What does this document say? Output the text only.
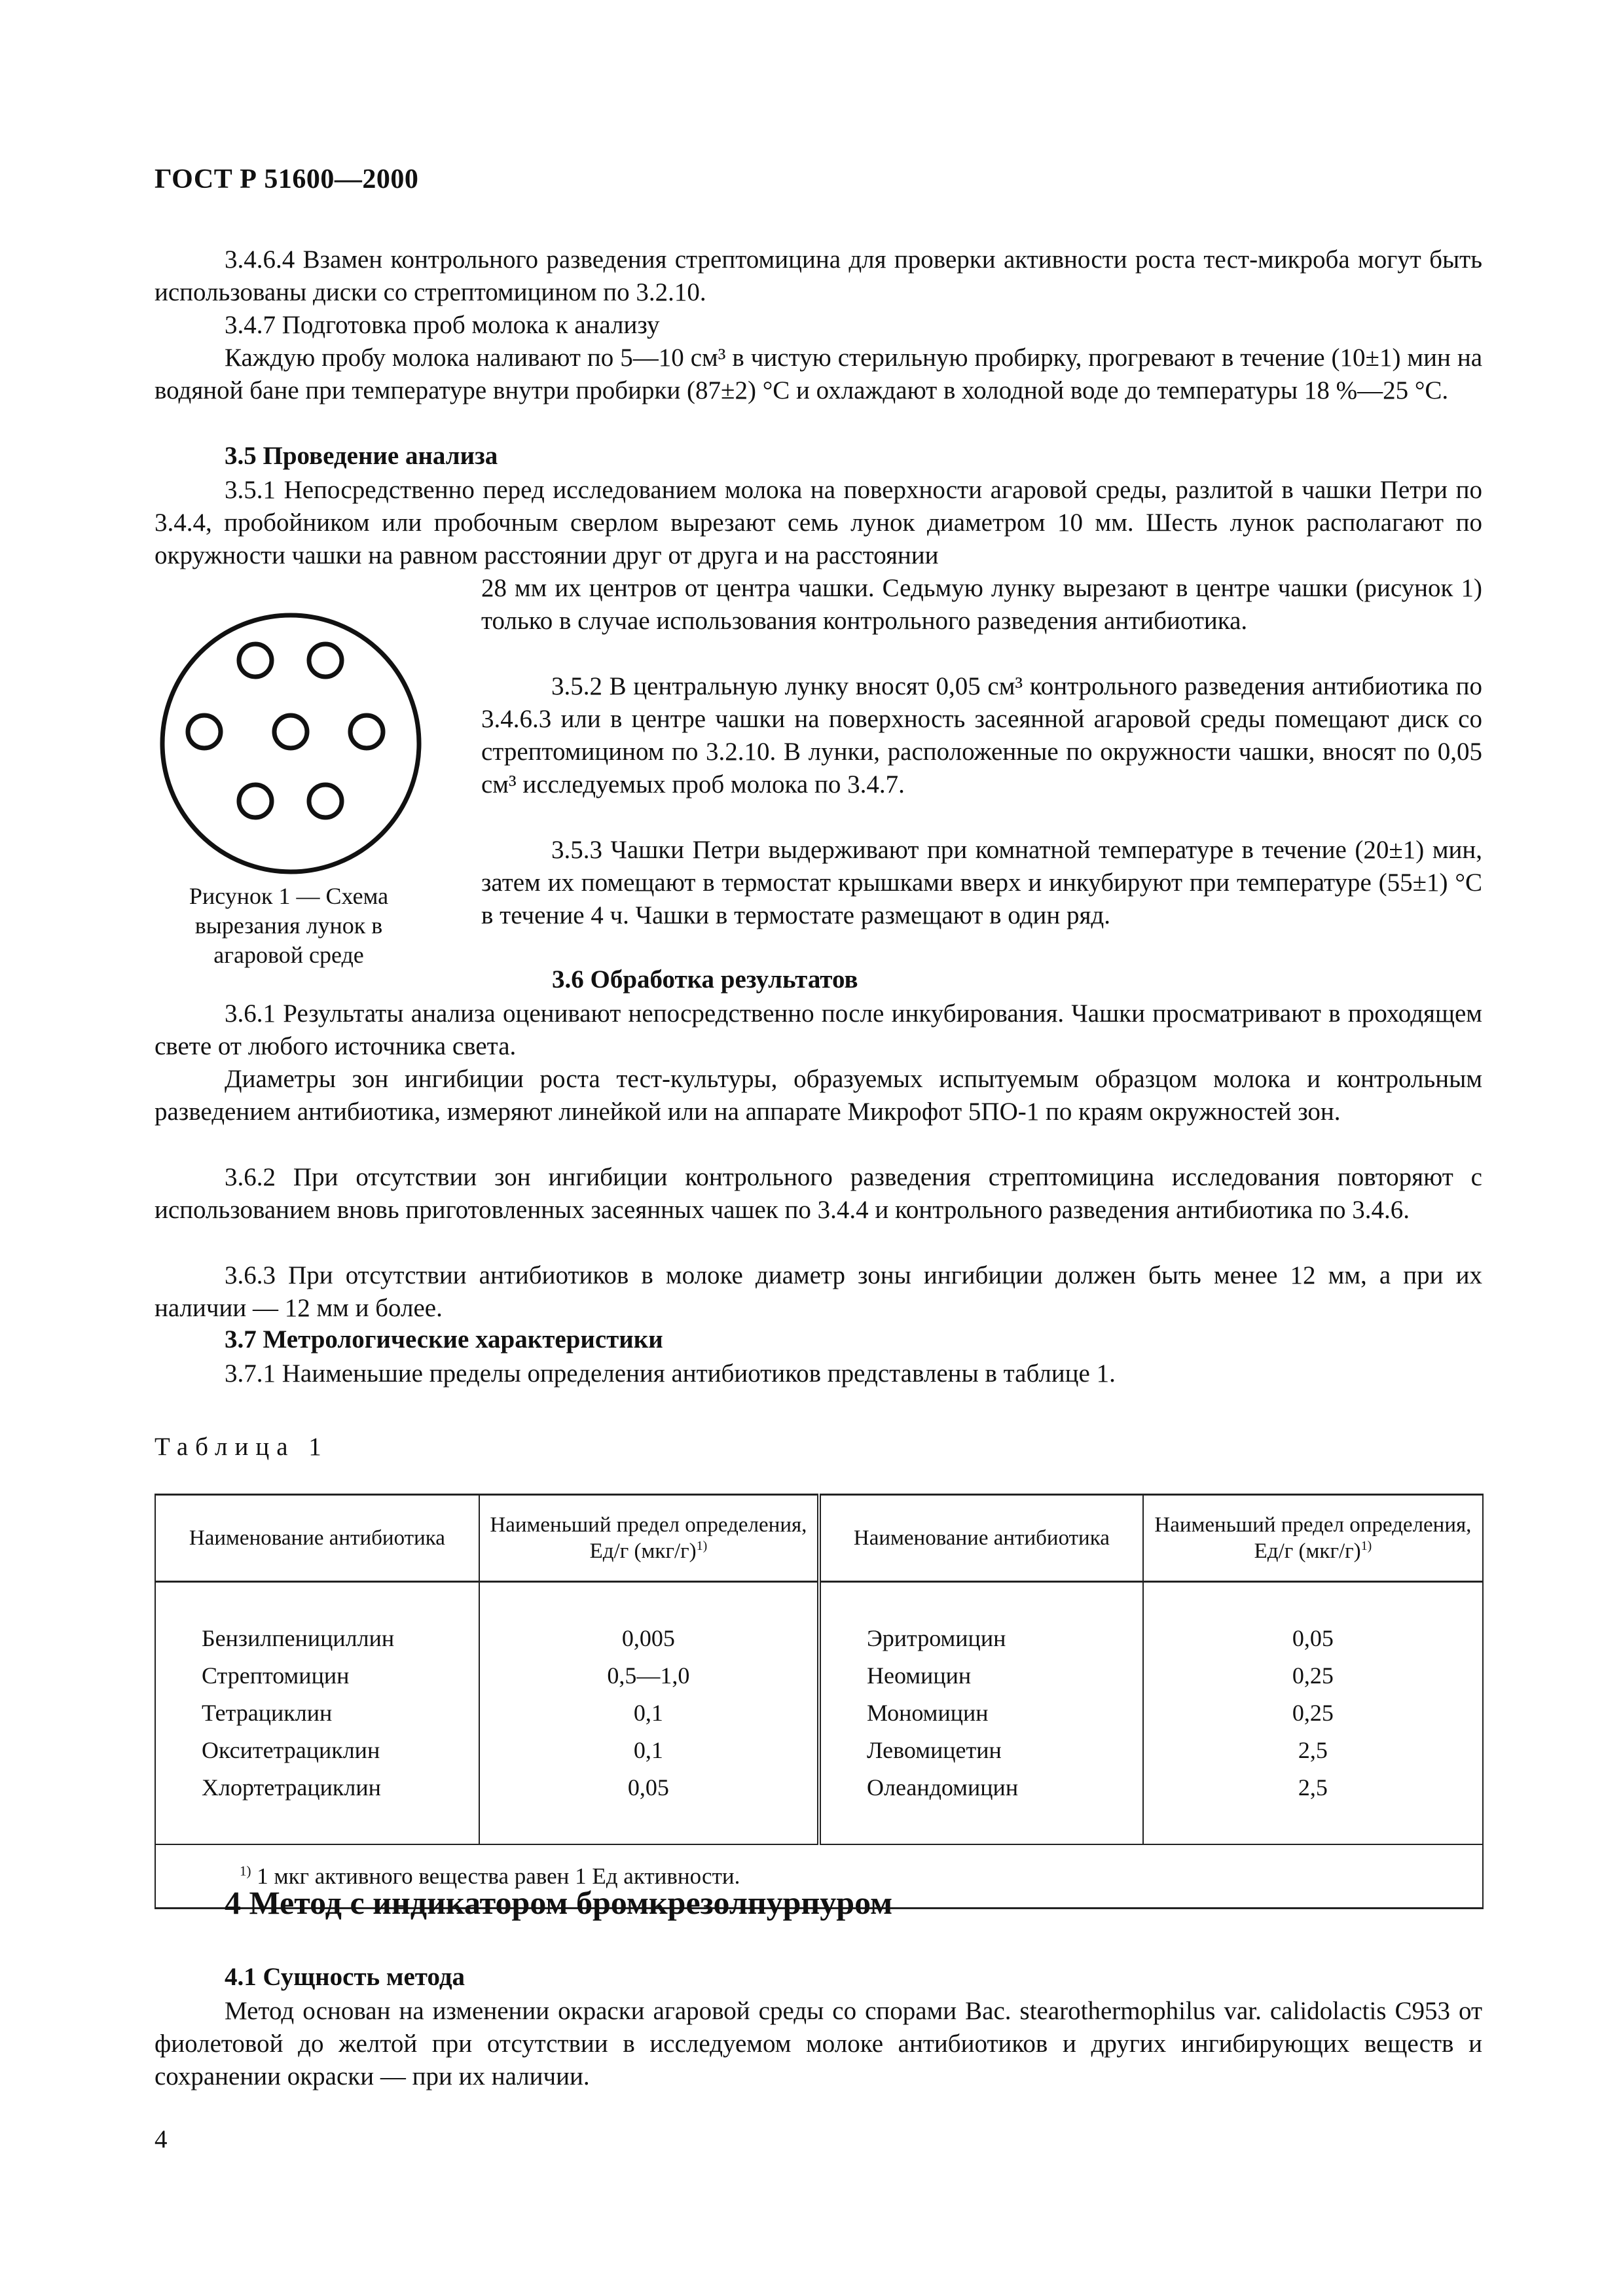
ГОСТ Р 51600—2000
3.4.6.4 Взамен контрольного разведения стрептомицина для проверки активности роста тест-микроба могут быть использованы диски со стрептомицином по 3.2.10.
3.4.7 Подготовка проб молока к анализу
Каждую пробу молока наливают по 5—10 см³ в чистую стерильную пробирку, прогревают в течение (10±1) мин на водяной бане при температуре внутри пробирки (87±2) °С и охлаждают в холодной воде до температуры 18 %—25 °С.
3.5 Проведение анализа
3.5.1 Непосредственно перед исследованием молока на поверхности агаровой среды, разлитой в чашки Петри по 3.4.4, пробойником или пробочным сверлом вырезают семь лунок диаметром 10 мм. Шесть лунок располагают по окружности чашки на равном расстоянии друг от друга и на расстоянии
Рисунок 1 — Схема
вырезания лунок в
агаровой среде
28 мм их центров от центра чашки. Седьмую лунку вырезают в центре чашки (рисунок 1) только в случае использования контрольного разведения антибиотика.
3.5.2 В центральную лунку вносят 0,05 см³ контрольного разведения антибиотика по 3.4.6.3 или в центре чашки на поверхность засеянной агаровой среды помещают диск со стрептомицином по 3.2.10. В лунки, расположенные по окружности чашки, вносят по 0,05 см³ исследуемых проб молока по 3.4.7.
3.5.3 Чашки Петри выдерживают при комнатной температуре в течение (20±1) мин, затем их помещают в термостат крышками вверх и инкубируют при температуре (55±1) °С в течение 4 ч. Чашки в термостате размещают в один ряд.
3.6 Обработка результатов
3.6.1 Результаты анализа оценивают непосредственно после инкубирования. Чашки просматривают в проходящем свете от любого источника света.
Диаметры зон ингибиции роста тест-культуры, образуемых испытуемым образцом молока и контрольным разведением антибиотика, измеряют линейкой или на аппарате Микрофот 5ПО-1 по краям окружностей зон.
3.6.2 При отсутствии зон ингибиции контрольного разведения стрептомицина исследования повторяют с использованием вновь приготовленных засеянных чашек по 3.4.4 и контрольного разведения антибиотика по 3.4.6.
3.6.3 При отсутствии антибиотиков в молоке диаметр зоны ингибиции должен быть менее 12 мм, а при их наличии — 12 мм и более.
3.7 Метрологические характеристики
3.7.1 Наименьшие пределы определения антибиотиков представлены в таблице 1.
Таблица 1
Наименование антибиотика	Наименьший предел определения, Ед/г $(мкг/г)^{1)}$	Наименование антибиотика	Наименьший предел определения, Ед/г $(мкг/г)^{1)}$

Бензилпенициллин	0,005	Эритромицин	0,05
Стрептомицин	0,5—1,0	Неомицин	0,25
Тетрациклин	0,1	Мономицин	0,25
Окситетрациклин	0,1	Левомицетин	2,5
Хлортетрациклин	0,05	Олеандомицин	2,5

$^{1)}$ 1 мкг активного вещества равен 1 Ед активности.			
4 Метод с индикатором бромкрезолпурпуром
4.1 Сущность метода
Метод основан на изменении окраски агаровой среды со спорами Bac. stearothermophilus var. calidolactis C953 от фиолетовой до желтой при отсутствии в исследуемом молоке антибиотиков и других ингибирующих веществ и сохранении окраски — при их наличии.
4
